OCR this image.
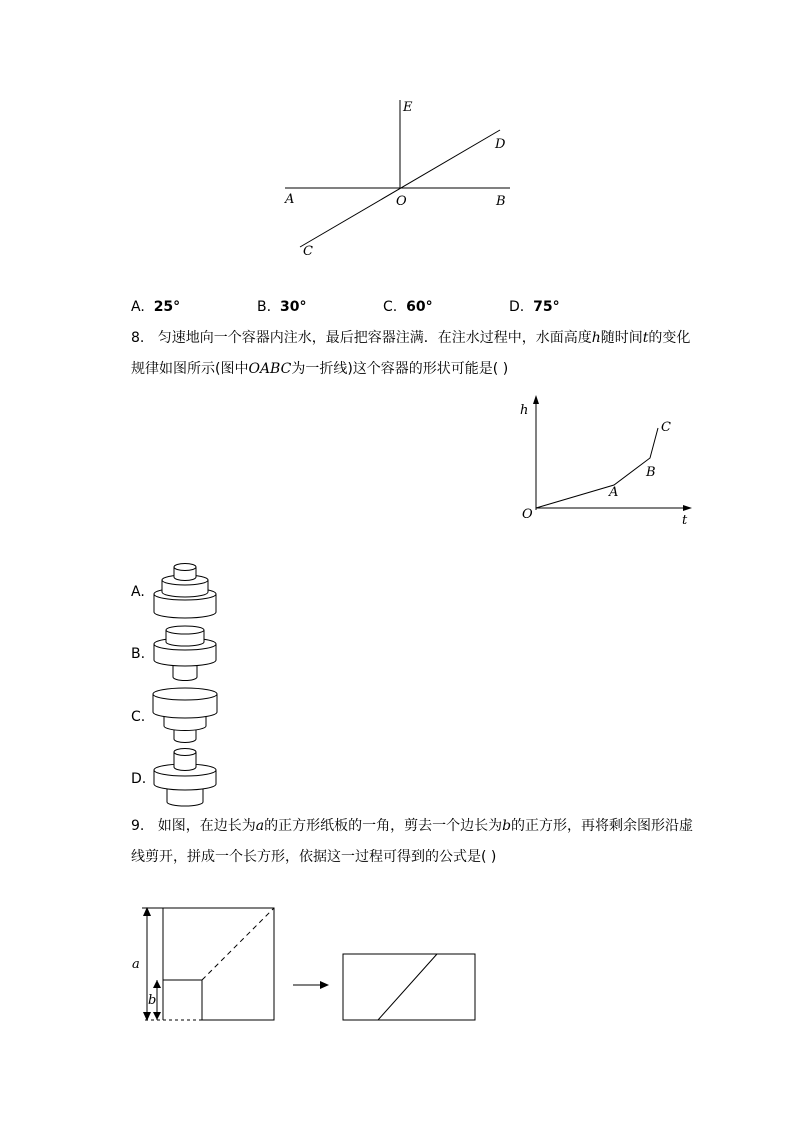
E
D
A	O	B
C
A. 25°	B. 30°	C. 60°	D. 75°
8. 匀速地向一个容器内注水，最后把容器注满．在注水过程中，水面高度h随时间t的变化
规律如图所示(图中OABC为一折线)这个容器的形状可能是( )
h
t
O
A
B
C
A.
B.
C.
D.
9. 如图，在边长为a的正方形纸板的一角，剪去一个边长为b的正方形，再将剩余图形沿虚
线剪开，拼成一个长方形，依据这一过程可得到的公式是( )
a
b
